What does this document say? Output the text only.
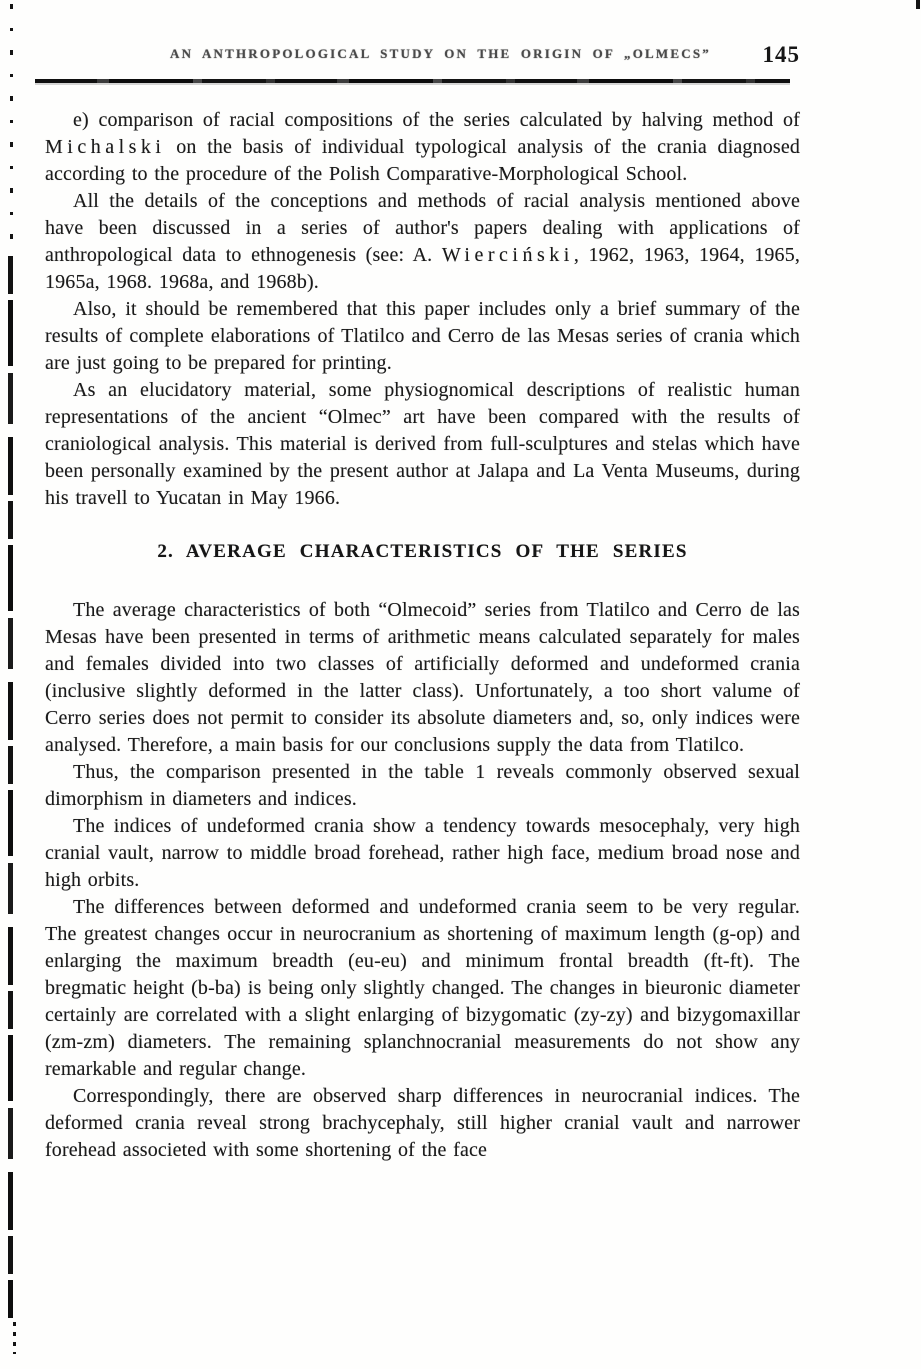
AN ANTHROPOLOGICAL STUDY ON THE ORIGIN OF „OLMECS”	145

e) comparison of racial compositions of the series calculated by halving method of Michalski on the basis of individual typological analysis of the crania diagnosed according to the procedure of the Polish Comparative-Morphological School.

All the details of the conceptions and methods of racial analysis mentioned above have been discussed in a series of author's papers dealing with applications of anthropological data to ethnogenesis (see: A. Wierciński, 1962, 1963, 1964, 1965, 1965a, 1968. 1968a, and 1968b).

Also, it should be remembered that this paper includes only a brief summary of the results of complete elaborations of Tlatilco and Cerro de las Mesas series of crania which are just going to be prepared for printing.

As an elucidatory material, some physiognomical descriptions of realistic human representations of the ancient “Olmec” art have been compared with the results of craniological analysis. This material is derived from full-sculptures and stelas which have been personally examined by the present author at Jalapa and La Venta Museums, during his travell to Yucatan in May 1966.

2. AVERAGE CHARACTERISTICS OF THE SERIES

The average characteristics of both “Olmecoid” series from Tlatilco and Cerro de las Mesas have been presented in terms of arithmetic means calculated separately for males and females divided into two classes of artificially deformed and undeformed crania (inclusive slightly deformed in the latter class). Unfortunately, a too short valume of Cerro series does not permit to consider its absolute diameters and, so, only indices were analysed. Therefore, a main basis for our conclusions supply the data from Tlatilco.

Thus, the comparison presented in the table 1 reveals commonly observed sexual dimorphism in diameters and indices.

The indices of undeformed crania show a tendency towards mesocephaly, very high cranial vault, narrow to middle broad forehead, rather high face, medium broad nose and high orbits.

The differences between deformed and undeformed crania seem to be very regular. The greatest changes occur in neurocranium as shortening of maximum length (g-op) and enlarging the maximum breadth (eu-eu) and minimum frontal breadth (ft-ft). The bregmatic height (b-ba) is being only slightly changed. The changes in bieuronic diameter certainly are correlated with a slight enlarging of bizygomatic (zy-zy) and bizygomaxillar (zm-zm) diameters. The remaining splanchnocranial measurements do not show any remarkable and regular change.

Correspondingly, there are observed sharp differences in neurocranial indices. The deformed crania reveal strong brachycephaly, still higher cranial vault and narrower forehead associeted with some shortening of the face
